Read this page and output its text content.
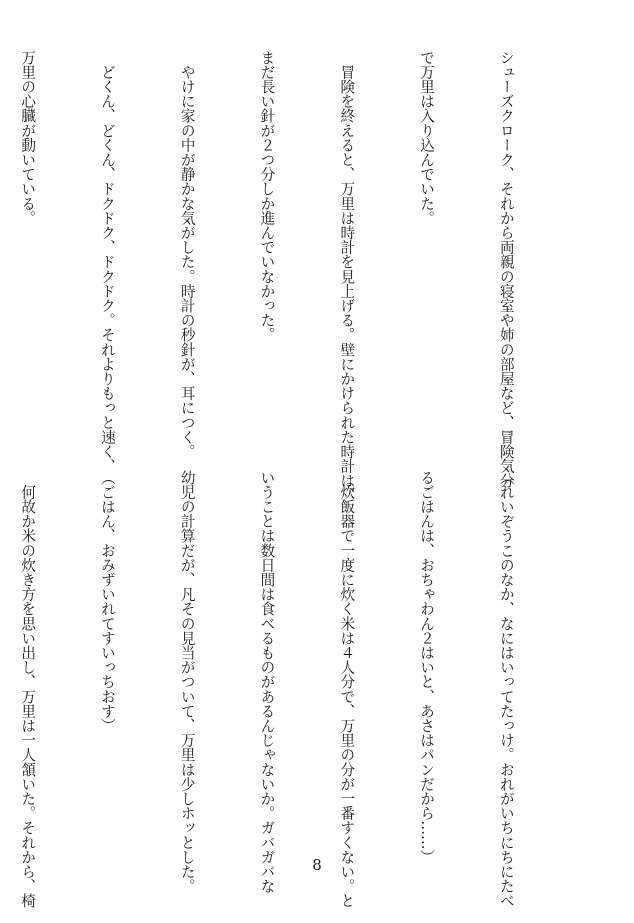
シューズクローク、それから両親の寝室や姉の部屋など、冒険気分

で万里は入り込んでいた。

　冒険を終えると、万里は時計を見上げる。壁にかけられた時計は、

まだ長い針が２つ分しか進んでいなかった。

　やけに家の中が静かな気がした。時計の秒針が、耳につく。

　どくん、どくん、ドクドク、ドクドク。それよりもっと速く、

万里の心臓が動いている。

（れいぞうこのなか、なにはいってたっけ。おれがいちにちにたべ

るごはんは、おちゃわん２はいと、あさはパンだから……）

　炊飯器で一度に炊く米は４人分で、万里の分が一番すくない。と

いうことは数日間は食べるものがあるんじゃないか。ガバガバな

幼児の計算だが、凡その見当がついて、万里は少しホッとした。

（ごはん、おみずいれてすいっちおす）

　何故か米の炊き方を思い出し、万里は一人頷いた。それから、椅

	8
